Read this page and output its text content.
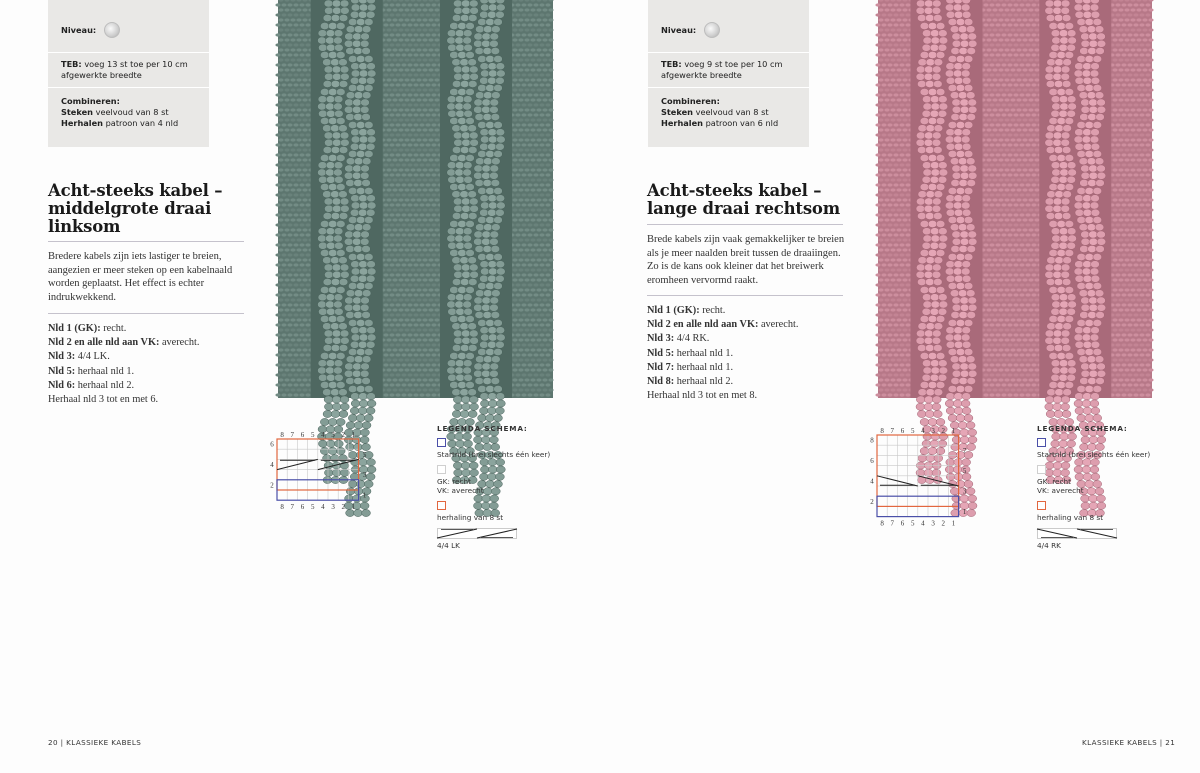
Niveau:
TEB: voeg 13 st toe per 10 cm
afgewerkte breedte
Combineren:
Steken veelvoud van 8 st
Herhalen patroon van 4 nld
Acht-steeks kabel –
middelgrote draai
linksom
Bredere kabels zijn iets lastiger te breien, aangezien er meer steken op een kabelnaald worden geplaatst. Het effect is echter indrukwekkend.
Nld 1 (GK): recht.
Nld 2 en alle nld aan VK: averecht.
Nld 3: 4/4 LK.
Nld 5: herhaal nld 1.
Nld 6: herhaal nld 2.
Herhaal nld 3 tot en met 6.
8
8
7
7
6
6
5
5
4
4
3
3
2
2
1
1
6
4
2
5
3
1
LEGENDA SCHEMA:
Startnld (brei slechts één keer)
GK: recht
VK: averecht
herhaling van 8 st
4/4 LK
20 | KLASSIEKE KABELS
Niveau:
TEB: voeg 9 st toe per 10 cm
afgewerkte breedte
Combineren:
Steken veelvoud van 8 st
Herhalen patroon van 6 nld
Acht-steeks kabel –
lange draai rechtsom
Brede kabels zijn vaak gemakkelijker te breien als je meer naalden breit tussen de draaiingen. Zo is de kans ook kleiner dat het breiwerk eromheen vervormd raakt.
Nld 1 (GK): recht.
Nld 2 en alle nld aan VK: averecht.
Nld 3: 4/4 RK.
Nld 5: herhaal nld 1.
Nld 7: herhaal nld 1.
Nld 8: herhaal nld 2.
Herhaal nld 3 tot en met 8.
8
8
7
7
6
6
5
5
4
4
3
3
2
2
1
1
8
6
4
2
7
5
3
1
LEGENDA SCHEMA:
Startnld (brei slechts één keer)
GK: recht
VK: averecht
herhaling van 8 st
4/4 RK
KLASSIEKE KABELS | 21
